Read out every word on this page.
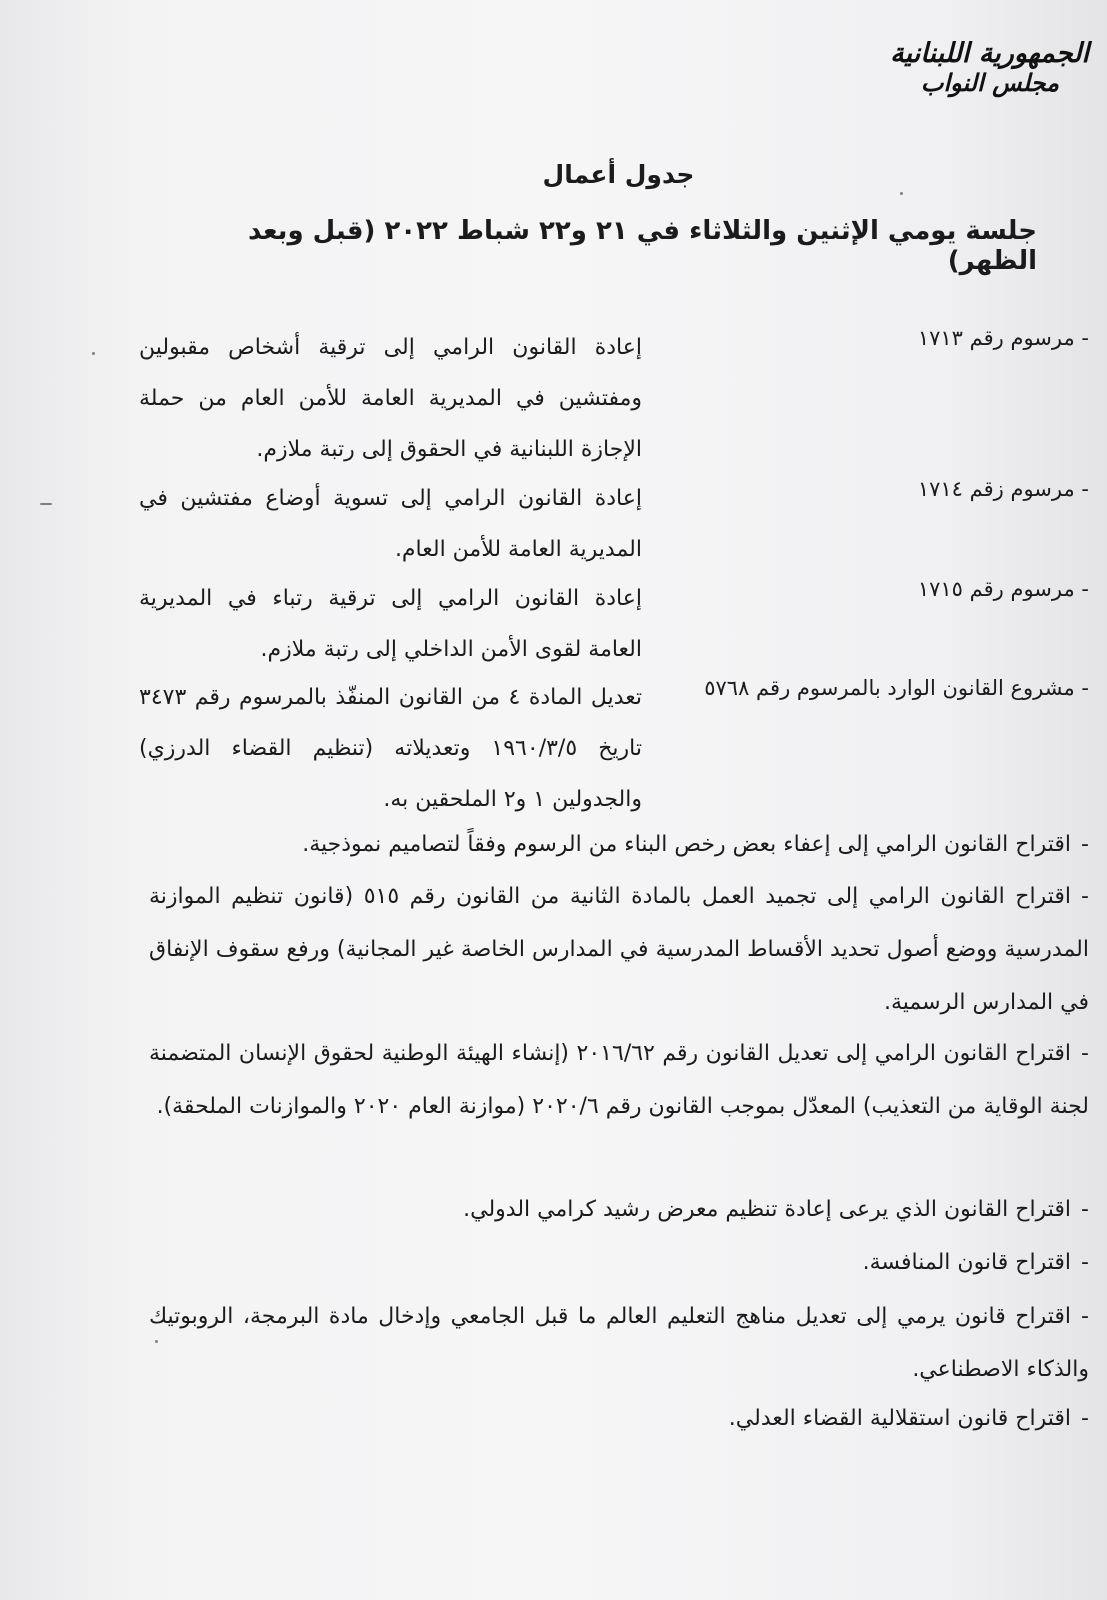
الجمهورية اللبنانية
مجلس النواب
جدول أعمال
جلسة يومي الإثنين والثلاثاء في ٢١ و٢٢ شباط ٢٠٢٢ (قبل وبعد الظهر)
- مرسوم رقم ١٧١٣
إعادة القانون الرامي إلى ترقية أشخاص مقبولين ومفتشين في المديرية العامة للأمن العام من حملة الإجازة اللبنانية في الحقوق إلى رتبة ملازم.
- مرسوم زقم ١٧١٤
إعادة القانون الرامي إلى تسوية أوضاع مفتشين في المديرية العامة للأمن العام.
- مرسوم رقم ١٧١٥
إعادة القانون الرامي إلى ترقية رتباء في المديرية العامة لقوى الأمن الداخلي إلى رتبة ملازم.
- مشروع القانون الوارد بالمرسوم رقم ٥٧٦٨
تعديل المادة ٤ من القانون المنفّذ بالمرسوم رقم ٣٤٧٣ تاريخ ١٩٦٠/٣/٥ وتعديلاته (تنظيم القضاء الدرزي) والجدولين ١ و٢ الملحقين به.
-اقتراح القانون الرامي إلى إعفاء بعض رخص البناء من الرسوم وفقاً لتصاميم نموذجية.
-اقتراح القانون الرامي إلى تجميد العمل بالمادة الثانية من القانون رقم ٥١٥ (قانون تنظيم الموازنة المدرسية ووضع أصول تحديد الأقساط المدرسية في المدارس الخاصة غير المجانية) ورفع سقوف الإنفاق في المدارس الرسمية.
-اقتراح القانون الرامي إلى تعديل القانون رقم ٢٠١٦/٦٢ (إنشاء الهيئة الوطنية لحقوق الإنسان المتضمنة لجنة الوقاية من التعذيب) المعدّل بموجب القانون رقم ٢٠٢٠/٦ (موازنة العام ٢٠٢٠ والموازنات الملحقة).
-اقتراح القانون الذي يرعى إعادة تنظيم معرض رشيد كرامي الدولي.
-اقتراح قانون المنافسة.
-اقتراح قانون يرمي إلى تعديل مناهج التعليم العالم ما قبل الجامعي وإدخال مادة البرمجة، الروبوتيك والذكاء الاصطناعي.
-اقتراح قانون استقلالية القضاء العدلي.
